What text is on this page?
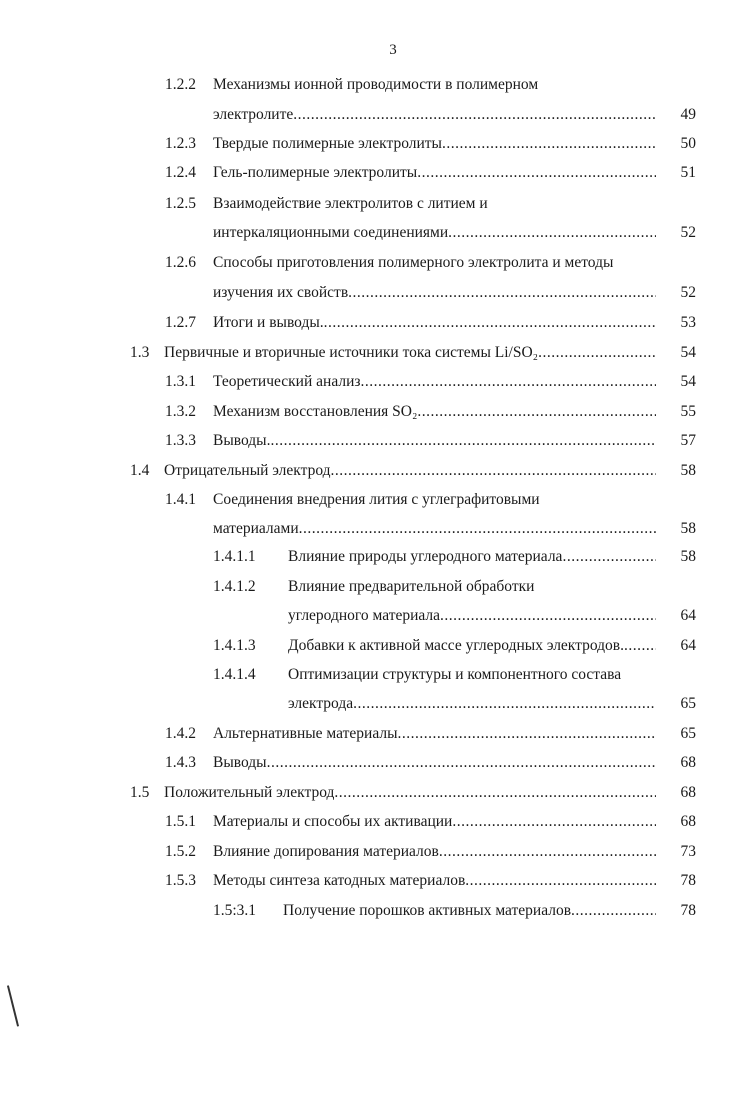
3
1.2.2 Механизмы ионной проводимости в полимерном
электролите .....	49
1.2.3 Твердые полимерные электролиты .....	50
1.2.4 Гель-полимерные электролиты .....	51
1.2.5 Взаимодействие электролитов с литием и
интеркаляционными соединениями .....	52
1.2.6 Способы приготовления полимерного электролита и методы
изучения их свойств .....	52
1.2.7 Итоги и выводы. .....	53
1.3 Первичные и вторичные источники тока системы Li/SO₂ .....	54
1.3.1 Теоретический анализ .....	54
1.3.2 Механизм восстановления SO₂ .....	55
1.3.3 Выводы. .....	57
1.4 Отрицательный электрод .....	58
1.4.1 Соединения внедрения лития с углеграфитовыми
материалами .....	58
1.4.1.1 Влияние природы углеродного материала .....	58
1.4.1.2 Влияние предварительной обработки
углеродного материала .....	64
1.4.1.3 Добавки к активной массе углеродных электродов. .....	64
1.4.1.4 Оптимизации структуры и компонентного состава
электрода .....	65
1.4.2 Альтернативные материалы .....	65
1.4.3 Выводы .....	68
1.5 Положительный электрод .....	68
1.5.1 Материалы и способы их активации .....	68
1.5.2 Влияние допирования материалов .....	73
1.5.3 Методы синтеза катодных материалов .....	78
1.5:3.1 Получение порошков активных материалов .....	78
